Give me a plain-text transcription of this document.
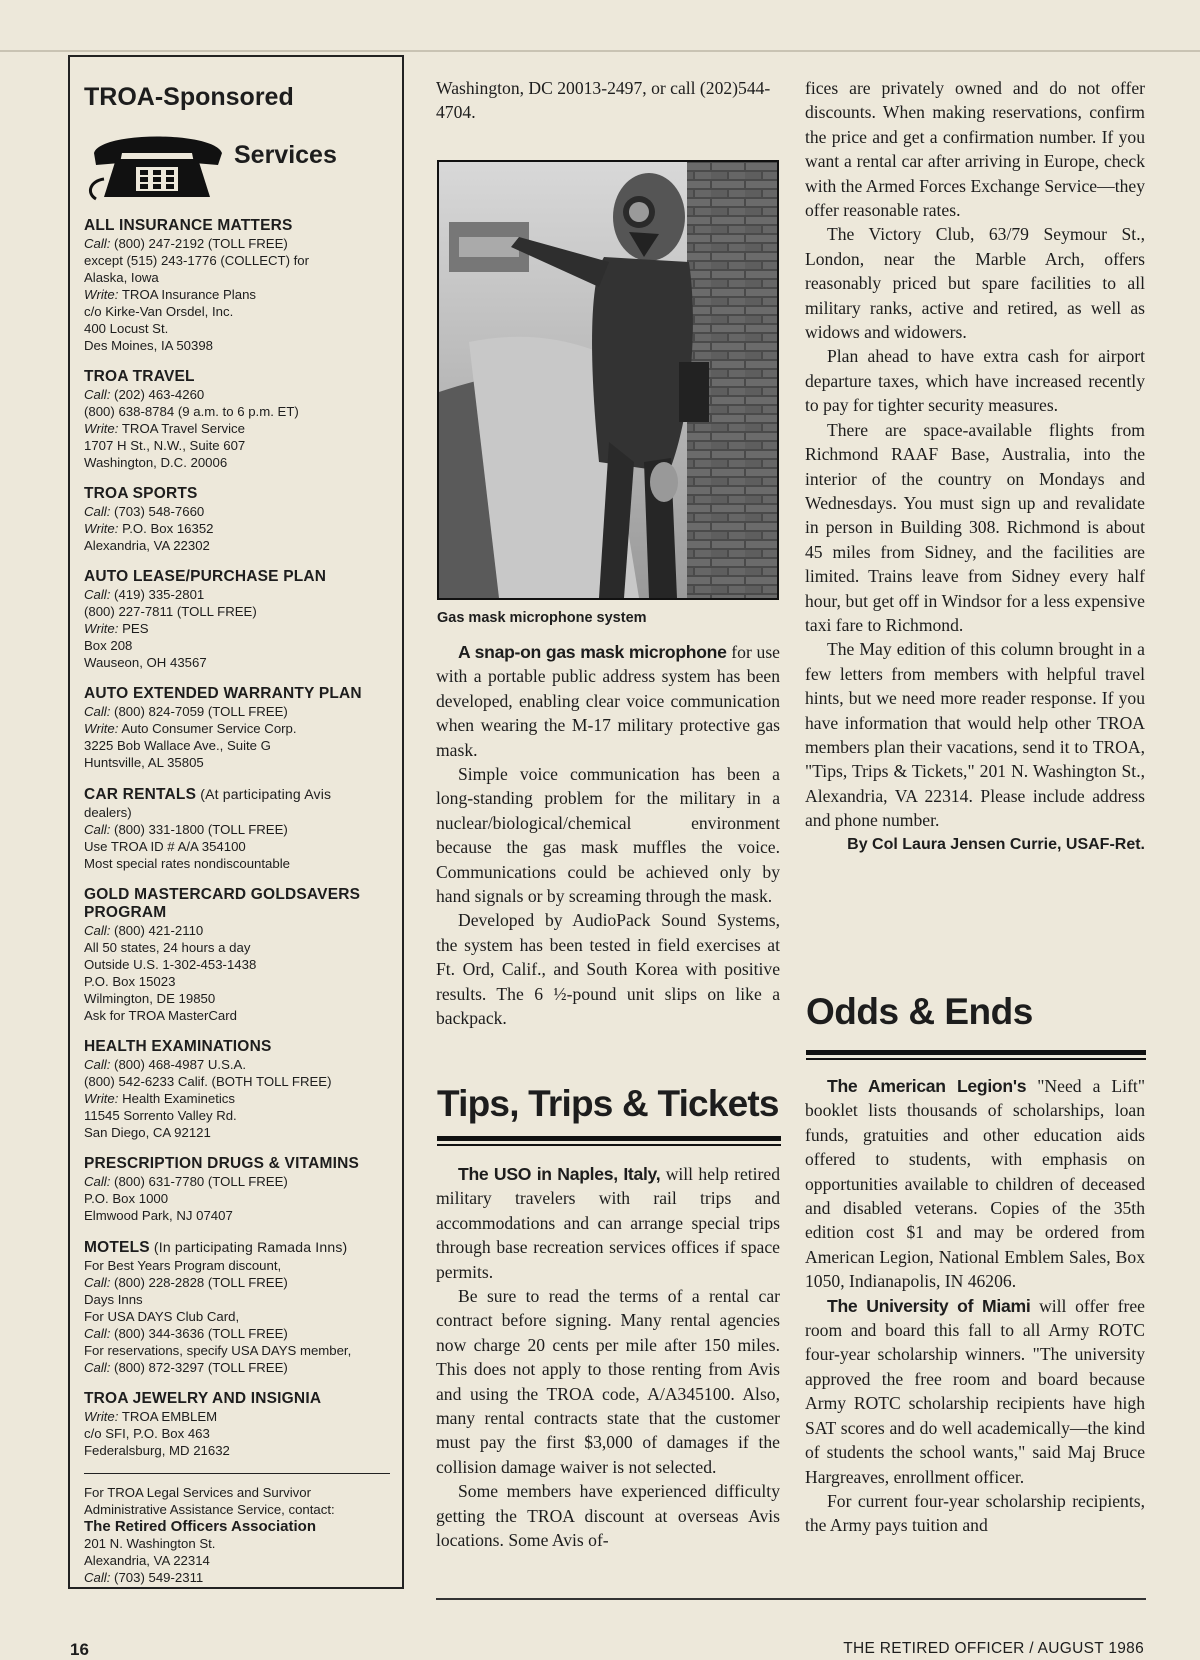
TROA-Sponsored

Services
ALL INSURANCE MATTERS

Call: (800) 247-2192 (TOLL FREE)

except (515) 243-1776 (COLLECT) for

Alaska, Iowa

Write: TROA Insurance Plans

c/o Kirke-Van Orsdel, Inc.

400 Locust St.

Des Moines, IA 50398

TROA TRAVEL

Call: (202) 463-4260

(800) 638-8784 (9 a.m. to 6 p.m. ET)

Write: TROA Travel Service

1707 H St., N.W., Suite 607

Washington, D.C. 20006

TROA SPORTS

Call: (703) 548-7660

Write: P.O. Box 16352

Alexandria, VA 22302

AUTO LEASE/PURCHASE PLAN

Call: (419) 335-2801

(800) 227-7811 (TOLL FREE)

Write: PES

Box 208

Wauseon, OH 43567

AUTO EXTENDED WARRANTY PLAN

Call: (800) 824-7059 (TOLL FREE)

Write: Auto Consumer Service Corp.

3225 Bob Wallace Ave., Suite G

Huntsville, AL 35805

CAR RENTALS (At participating Avis

dealers)

Call: (800) 331-1800 (TOLL FREE)

Use TROA ID # A/A 354100

Most special rates nondiscountable

GOLD MASTERCARD GOLDSAVERS PROGRAM

Call: (800) 421-2110

All 50 states, 24 hours a day

Outside U.S. 1-302-453-1438

P.O. Box 15023

Wilmington, DE 19850

Ask for TROA MasterCard

HEALTH EXAMINATIONS

Call: (800) 468-4987 U.S.A.

(800) 542-6233 Calif. (BOTH TOLL FREE)

Write: Health Examinetics

11545 Sorrento Valley Rd.

San Diego, CA 92121

PRESCRIPTION DRUGS & VITAMINS

Call: (800) 631-7780 (TOLL FREE)

P.O. Box 1000

Elmwood Park, NJ 07407

MOTELS (In participating Ramada Inns)

For Best Years Program discount,

Call: (800) 228-2828 (TOLL FREE)

Days Inns

For USA DAYS Club Card,

Call: (800) 344-3636 (TOLL FREE)

For reservations, specify USA DAYS member,

Call: (800) 872-3297 (TOLL FREE)

TROA JEWELRY AND INSIGNIA

Write: TROA EMBLEM

c/o SFI, P.O. Box 463

Federalsburg, MD 21632

For TROA Legal Services and Survivor
Administrative Assistance Service, contact:
The Retired Officers Association
201 N. Washington St.
Alexandria, VA 22314
Call: (703) 549-2311

Washington, DC 20013-2497, or call (202)544-4704.

Gas mask microphone system

A snap-on gas mask microphone for use with a portable public address system has been developed, enabling clear voice communication when wearing the M-17 military protective gas mask.

Simple voice communication has been a long-standing problem for the military in a nuclear/biological/chemical environment because the gas mask muffles the voice. Communications could be achieved only by hand signals or by screaming through the mask.

Developed by AudioPack Sound Systems, the system has been tested in field exercises at Ft. Ord, Calif., and South Korea with positive results. The 6 ½-pound unit slips on like a backpack.

Tips, Trips & Tickets

The USO in Naples, Italy, will help retired military travelers with rail trips and accommodations and can arrange special trips through base recreation services offices if space permits.

Be sure to read the terms of a rental car contract before signing. Many rental agencies now charge 20 cents per mile after 150 miles. This does not apply to those renting from Avis and using the TROA code, A/A345100. Also, many rental contracts state that the customer must pay the first $3,000 of damages if the collision damage waiver is not selected.

Some members have experienced difficulty getting the TROA discount at overseas Avis locations. Some Avis of-

fices are privately owned and do not offer discounts. When making reservations, confirm the price and get a confirmation number. If you want a rental car after arriving in Europe, check with the Armed Forces Exchange Service—they offer reasonable rates.

The Victory Club, 63/79 Seymour St., London, near the Marble Arch, offers reasonably priced but spare facilities to all military ranks, active and retired, as well as widows and widowers.

Plan ahead to have extra cash for airport departure taxes, which have increased recently to pay for tighter security measures.

There are space-available flights from Richmond RAAF Base, Australia, into the interior of the country on Mondays and Wednesdays. You must sign up and revalidate in person in Building 308. Richmond is about 45 miles from Sidney, and the facilities are limited. Trains leave from Sidney every half hour, but get off in Windsor for a less expensive taxi fare to Richmond.

The May edition of this column brought in a few letters from members with helpful travel hints, but we need more reader response. If you have information that would help other TROA members plan their vacations, send it to TROA, "Tips, Trips & Tickets," 201 N. Washington St., Alexandria, VA 22314. Please include address and phone number.

By Col Laura Jensen Currie, USAF-Ret.
Odds & Ends

The American Legion's "Need a Lift" booklet lists thousands of scholarships, loan funds, gratuities and other education aids offered to students, with emphasis on opportunities available to children of deceased and disabled veterans. Copies of the 35th edition cost $1 and may be ordered from American Legion, National Emblem Sales, Box 1050, Indianapolis, IN 46206.

The University of Miami will offer free room and board this fall to all Army ROTC four-year scholarship winners. "The university approved the free room and board because Army ROTC scholarship recipients have high SAT scores and do well academically—the kind of students the school wants," said Maj Bruce Hargreaves, enrollment officer.

For current four-year scholarship recipients, the Army pays tuition and

16	THE RETIRED OFFICER / AUGUST 1986
